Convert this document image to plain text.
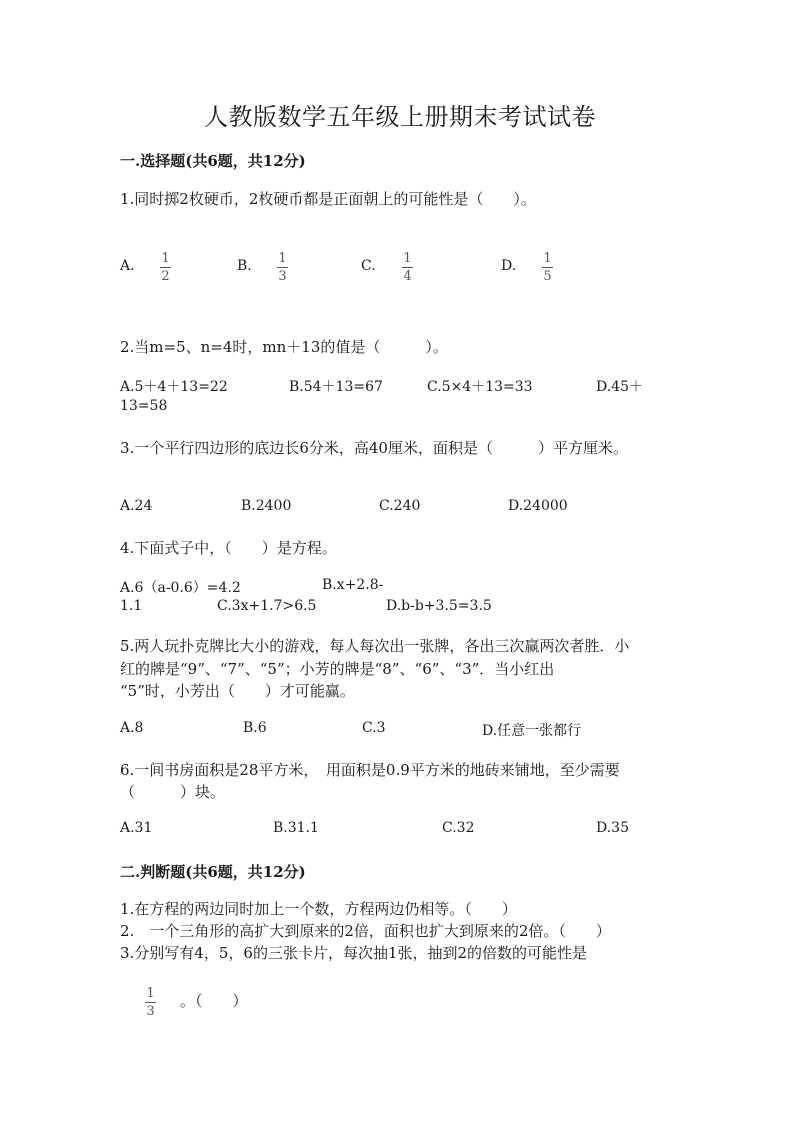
人教版数学五年级上册期末考试试卷
一.选择题(共6题，共12分)
1.同时掷2枚硬币，2枚硬币都是正面朝上的可能性是（　　）。
A. 1
2
B. 1
3
C. 1
4
D. 1
5
2.当m=5、n=4时，mn＋13的值是（　　　）。
A.5＋4＋13=22	B.54＋13=67	C.5×4＋13=33	D.45＋
13=58
3.一个平行四边形的底边长6分米，高40厘米，面积是（　　　）平方厘米。
A.24	B.2400	C.240	D.24000
4.下面式子中，（　　）是方程。
A.6（a-0.6）=4.2	B.x+2.8-
1.1	C.3x+1.7>6.5	D.b-b+3.5=3.5
5.两人玩扑克牌比大小的游戏，每人每次出一张牌，各出三次赢两次者胜．小
红的牌是“9”、“7”、“5”；小芳的牌是“8”、“6”、“3”．当小红出
“5”时，小芳出（　　）才可能赢。
A.8	B.6	C.3	D.任意一张都行
6.一间书房面积是28平方米，　用面积是0.9平方米的地砖来铺地，至少需要
（　　　）块。
A.31	B.31.1	C.32	D.35
二.判断题(共6题，共12分)
1.在方程的两边同时加上一个数，方程两边仍相等。（　　）
2.　一个三角形的高扩大到原来的2倍，面积也扩大到原来的2倍。（　　）
3.分别写有4，5，6的三张卡片，每次抽1张，抽到2的倍数的可能性是
1
3
。（　　）
